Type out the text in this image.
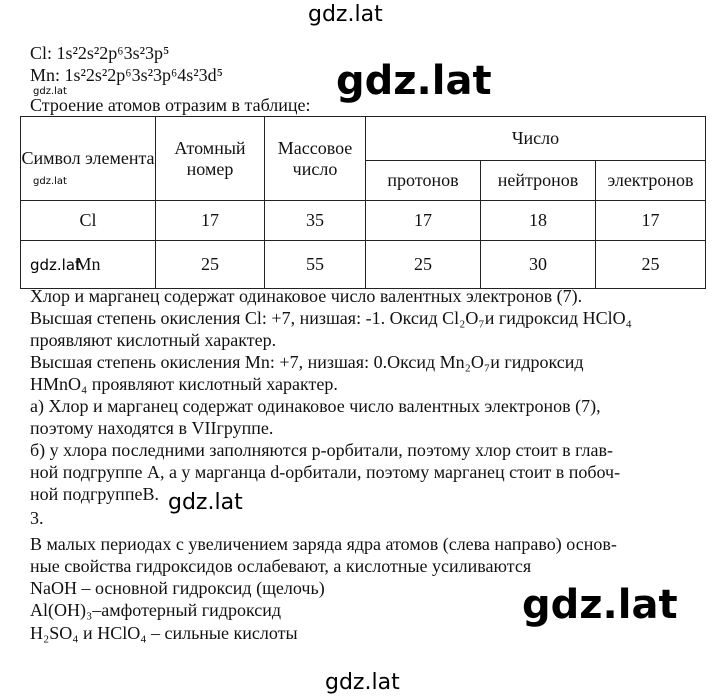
gdz.lat
gdz.lat
gdz.lat
Cl: 1s²2s²2p⁶3s²3p⁵
Mn: 1s²2s²2p⁶3s²3p⁶4s²3d⁵
Строение атомов отразим в таблице:
Символ элемента	Атомный номер	Массовое число	Число		
			протонов	нейтронов	электронов
Cl	17	35	17	18	17
Mn	25	55	25	30	25
gdz.lat
gdz.lat
Хлор и марганец содержат одинаковое число валентных электронов (7).
Высшая степень окисления Cl: +7, низшая: -1. Оксид Cl₂O₇и гидроксид HClO₄
проявляют кислотный характер.
Высшая степень окисления Mn: +7, низшая: 0.Оксид Mn₂O₇и гидроксид
HMnO₄ проявляют кислотный характер.
а) Хлор и марганец содержат одинаковое число валентных электронов (7),
поэтому находятся в VIIгруппе.
б) у хлора последними заполняются p-орбитали, поэтому хлор стоит в глав-
ной подгруппе А, а у марганца d-орбитали, поэтому марганец стоит в побоч-
ной подгруппеВ. gdz.lat
3.
В малых периодах с увеличением заряда ядра атомов (слева направо) основ-
ные свойства гидроксидов ослабевают, а кислотные усиливаются
NaOH – основной гидроксид (щелочь)
Al(OH)₃–амфотерный гидроксид
H₂SO₄ и HClO₄ – сильные кислоты
gdz.lat
gdz.lat
